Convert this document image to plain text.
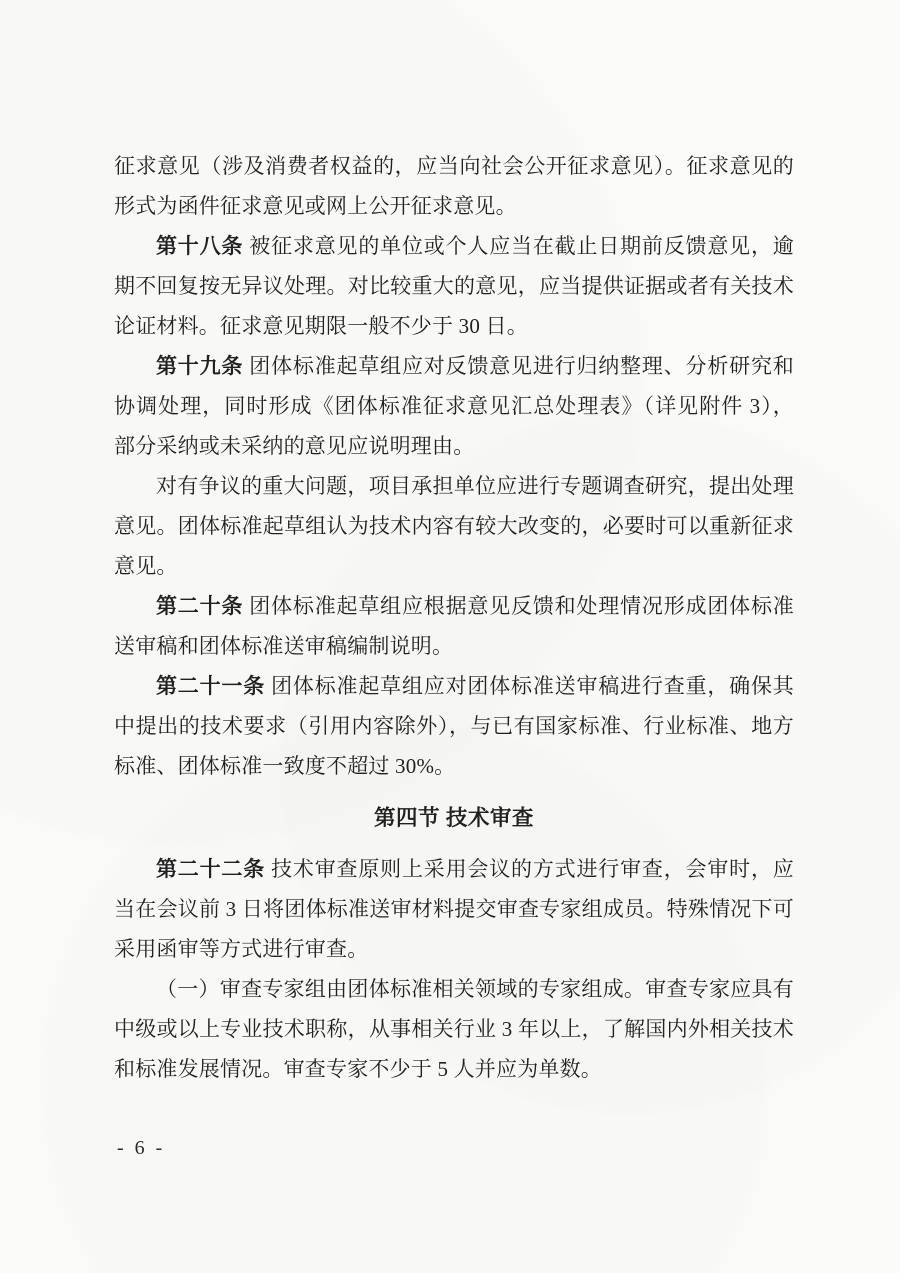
征求意见（涉及消费者权益的，应当向社会公开征求意见）。征求意见的
形式为函件征求意见或网上公开征求意见。
第十八条 被征求意见的单位或个人应当在截止日期前反馈意见，逾
期不回复按无异议处理。对比较重大的意见，应当提供证据或者有关技术
论证材料。征求意见期限一般不少于 30 日。
第十九条 团体标准起草组应对反馈意见进行归纳整理、分析研究和
协调处理，同时形成《团体标准征求意见汇总处理表》（详见附件 3），
部分采纳或未采纳的意见应说明理由。
对有争议的重大问题，项目承担单位应进行专题调查研究，提出处理
意见。团体标准起草组认为技术内容有较大改变的，必要时可以重新征求
意见。
第二十条 团体标准起草组应根据意见反馈和处理情况形成团体标准
送审稿和团体标准送审稿编制说明。
第二十一条 团体标准起草组应对团体标准送审稿进行查重，确保其
中提出的技术要求（引用内容除外），与已有国家标准、行业标准、地方
标准、团体标准一致度不超过 30%。
第四节 技术审查
第二十二条 技术审查原则上采用会议的方式进行审查，会审时，应
当在会议前 3 日将团体标准送审材料提交审查专家组成员。特殊情况下可
采用函审等方式进行审查。
（一）审查专家组由团体标准相关领域的专家组成。审查专家应具有
中级或以上专业技术职称，从事相关行业 3 年以上，了解国内外相关技术
和标准发展情况。审查专家不少于 5 人并应为单数。
- 6 -
